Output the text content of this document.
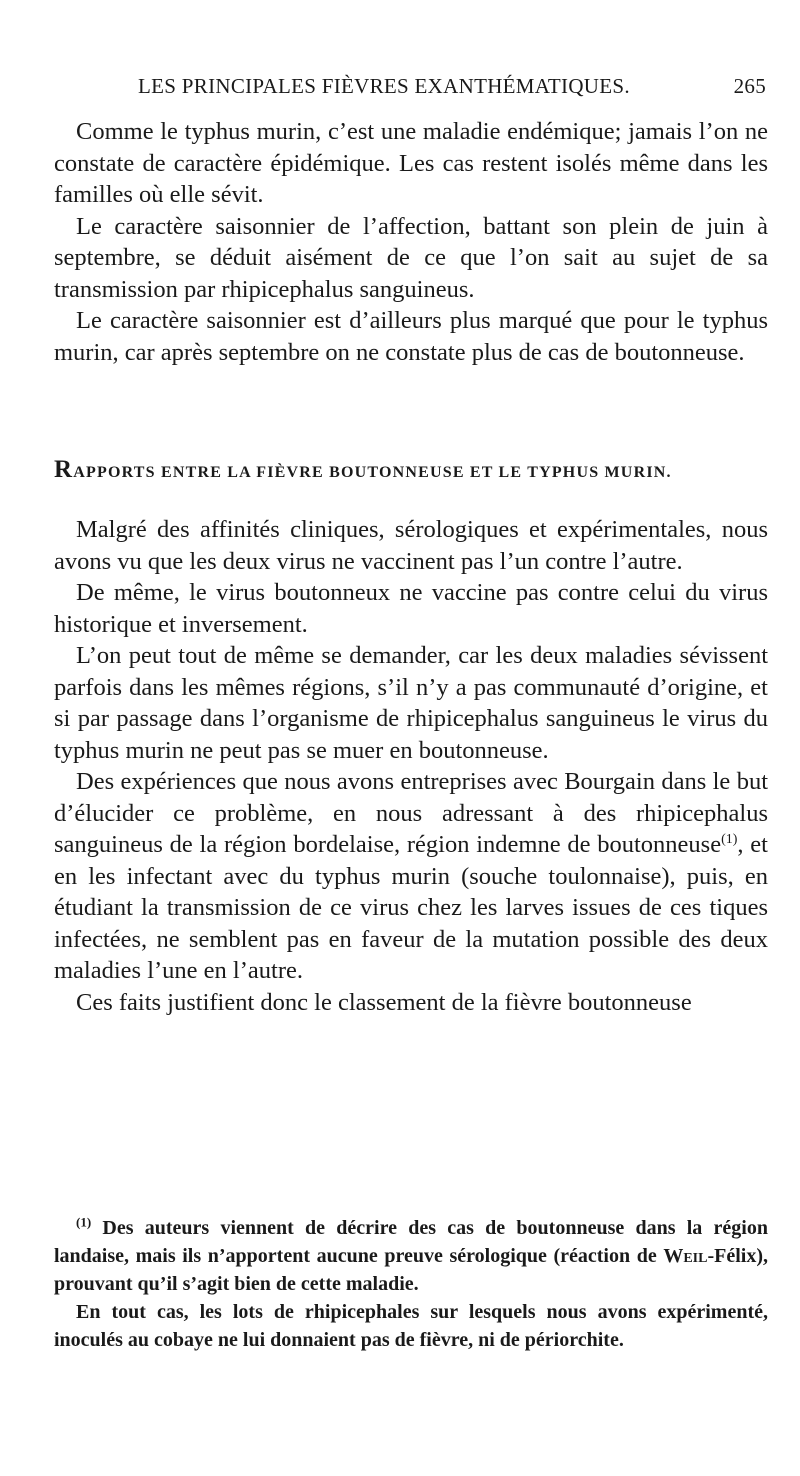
LES PRINCIPALES FIÈVRES EXANTHÉMATIQUES.	265

Comme le typhus murin, c’est une maladie endémique; jamais l’on ne constate de caractère épidémique. Les cas restent isolés même dans les familles où elle sévit.

Le caractère saisonnier de l’affection, battant son plein de juin à septembre, se déduit aisément de ce que l’on sait au sujet de sa transmission par rhipicephalus sanguineus.

Le caractère saisonnier est d’ailleurs plus marqué que pour le typhus murin, car après septembre on ne constate plus de cas de boutonneuse.

RAPPORTS ENTRE LA FIÈVRE BOUTONNEUSE ET LE TYPHUS MURIN.

Malgré des affinités cliniques, sérologiques et expérimentales, nous avons vu que les deux virus ne vaccinent pas l’un contre l’autre.

De même, le virus boutonneux ne vaccine pas contre celui du virus historique et inversement.

L’on peut tout de même se demander, car les deux maladies sévissent parfois dans les mêmes régions, s’il n’y a pas communauté d’origine, et si par passage dans l’organisme de rhipicephalus sanguineus le virus du typhus murin ne peut pas se muer en boutonneuse.

Des expériences que nous avons entreprises avec Bourgain dans le but d’élucider ce problème, en nous adressant à des rhipicephalus sanguineus de la région bordelaise, région indemne de boutonneuse$^{(1)}$, et en les infectant avec du typhus murin (souche toulonnaise), puis, en étudiant la transmission de ce virus chez les larves issues de ces tiques infectées, ne semblent pas en faveur de la mutation possible des deux maladies l’une en l’autre.

Ces faits justifient donc le classement de la fièvre boutonneuse

$^{(1)}$ Des auteurs viennent de décrire des cas de boutonneuse dans la région landaise, mais ils n’apportent aucune preuve sérologique (réaction de Weil-Félix), prouvant qu’il s’agit bien de cette maladie.

En tout cas, les lots de rhipicephales sur lesquels nous avons expérimenté, inoculés au cobaye ne lui donnaient pas de fièvre, ni de périorchite.
